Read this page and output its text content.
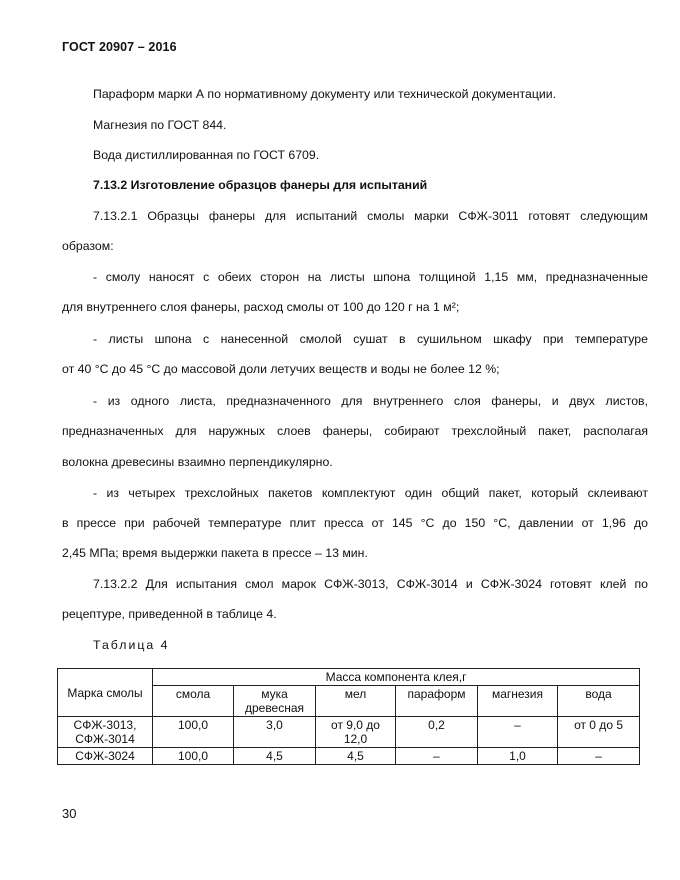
ГОСТ 20907 – 2016
Параформ марки А по нормативному документу или технической документации.
Магнезия по ГОСТ 844.
Вода дистиллированная по ГОСТ 6709.
7.13.2 Изготовление образцов фанеры для испытаний
7.13.2.1 Образцы фанеры для испытаний смолы марки СФЖ-3011 готовят следующим
образом:
- смолу наносят с обеих сторон на листы шпона толщиной 1,15 мм, предназначенные
для внутреннего слоя фанеры, расход смолы от 100 до 120 г на 1 м²;
- листы шпона с нанесенной смолой сушат в сушильном шкафу при температуре
от 40 °С до 45 °С до массовой доли летучих веществ и воды не более 12 %;
- из одного листа, предназначенного для внутреннего слоя фанеры, и двух листов,
предназначенных для наружных слоев фанеры, собирают трехслойный пакет, располагая
волокна древесины взаимно перпендикулярно.
- из четырех трехслойных пакетов комплектуют один общий пакет, который склеивают
в прессе при рабочей температуре плит пресса от 145 °С до 150 °С, давлении от 1,96 до
2,45 МПа; время выдержки пакета в прессе – 13 мин.
7.13.2.2 Для испытания смол марок СФЖ-3013, СФЖ-3014 и СФЖ-3024 готовят клей по
рецептуре, приведенной в таблице 4.
Таблица 4
Марка смолы	Масса компонента клея,г					
	смола	мука древесная	мел	параформ	магнезия	вода
СФЖ-3013, СФЖ-3014	100,0	3,0	от 9,0 до 12,0	0,2	–	от 0 до 5
СФЖ-3024	100,0	4,5	4,5	–	1,0	–
30
